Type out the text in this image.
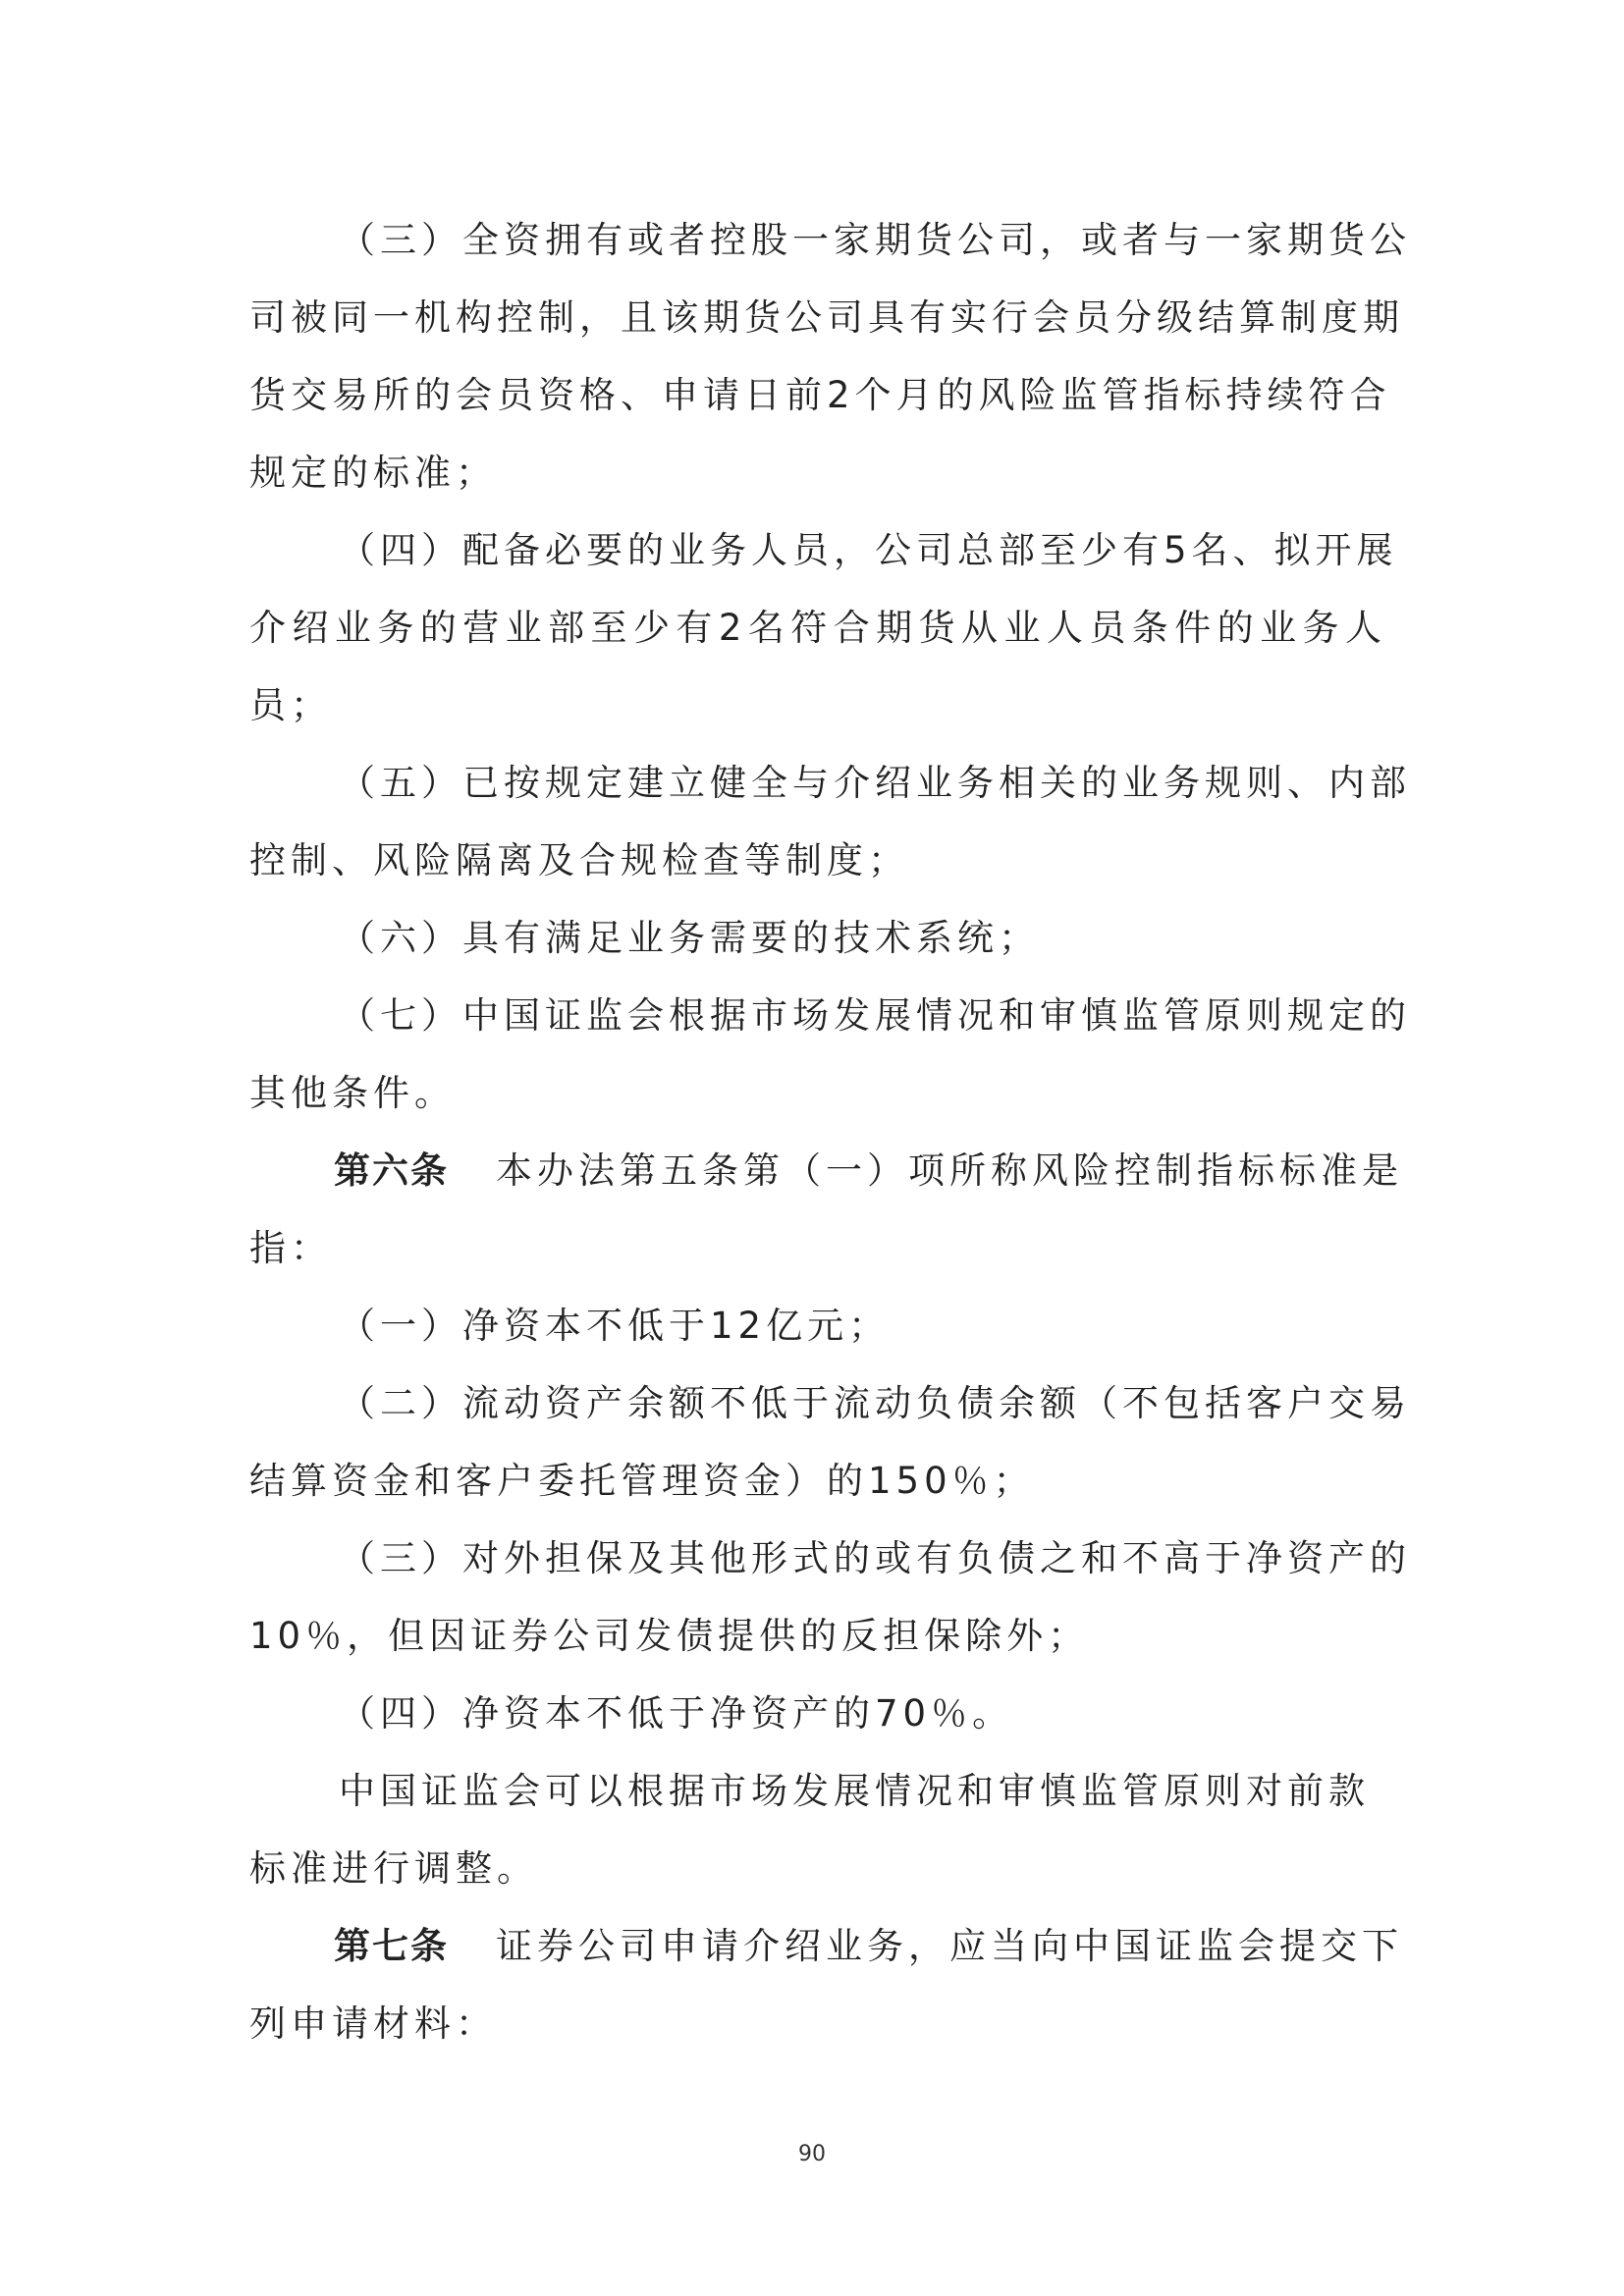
（三）全资拥有或者控股一家期货公司，或者与一家期货公
司被同一机构控制，且该期货公司具有实行会员分级结算制度期
货交易所的会员资格、申请日前2个月的风险监管指标持续符合
规定的标准；
（四）配备必要的业务人员，公司总部至少有5名、拟开展
介绍业务的营业部至少有2名符合期货从业人员条件的业务人
员；
（五）已按规定建立健全与介绍业务相关的业务规则、内部
控制、风险隔离及合规检查等制度；
（六）具有满足业务需要的技术系统；
（七）中国证监会根据市场发展情况和审慎监管原则规定的
其他条件。
第六条 本办法第五条第（一）项所称风险控制指标标准是
指：
（一）净资本不低于12亿元；
（二）流动资产余额不低于流动负债余额（不包括客户交易
结算资金和客户委托管理资金）的150％；
（三）对外担保及其他形式的或有负债之和不高于净资产的
10％，但因证券公司发债提供的反担保除外；
（四）净资本不低于净资产的70％。
中国证监会可以根据市场发展情况和审慎监管原则对前款
标准进行调整。
第七条 证券公司申请介绍业务，应当向中国证监会提交下
列申请材料：
90
